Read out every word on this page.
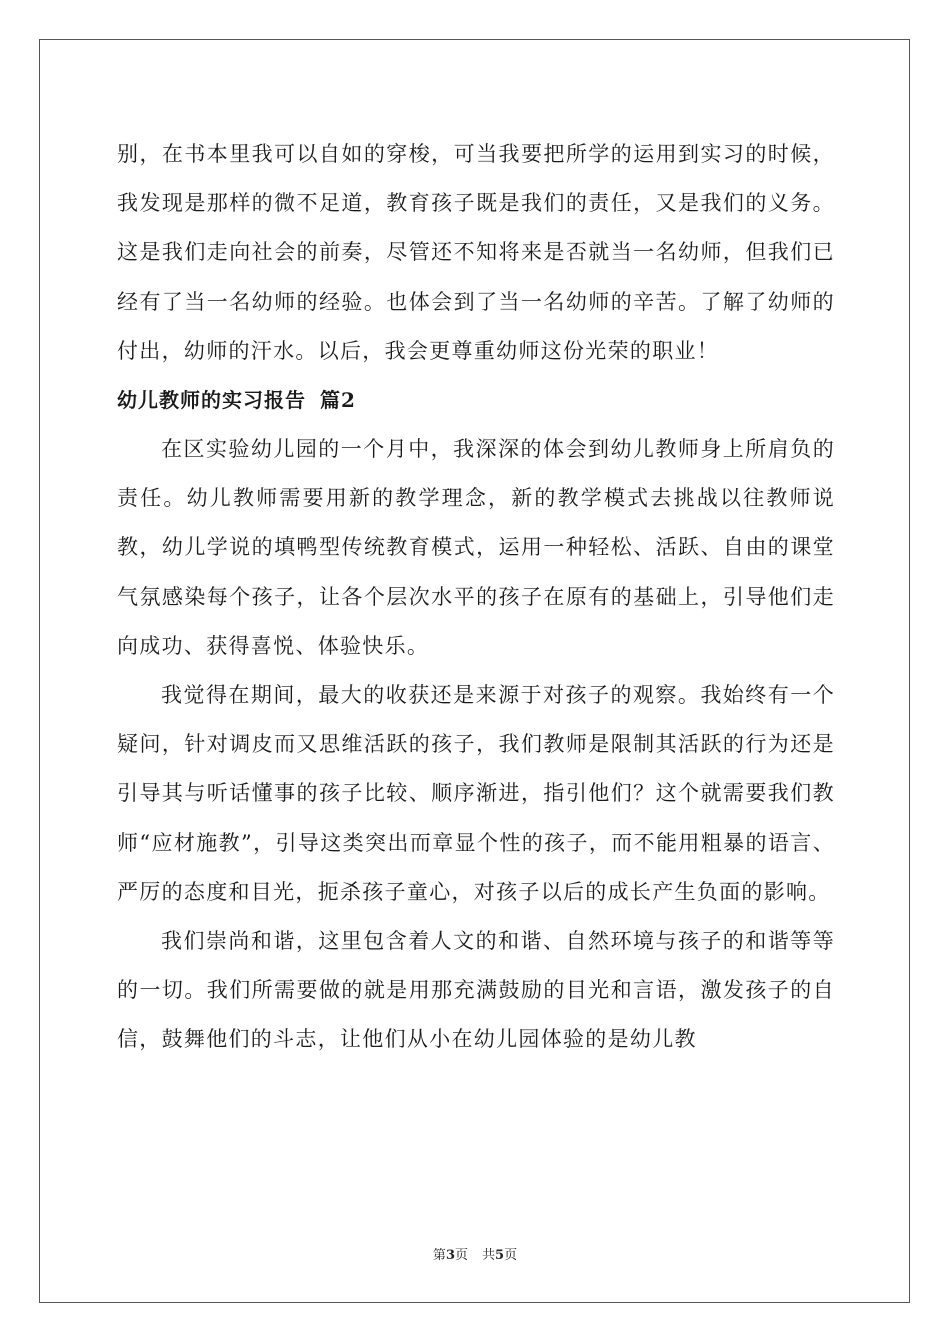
别，在书本里我可以自如的穿梭，可当我要把所学的运用到实习的时候，我发现是那样的微不足道，教育孩子既是我们的责任，又是我们的义务。这是我们走向社会的前奏，尽管还不知将来是否就当一名幼师，但我们已经有了当一名幼师的经验。也体会到了当一名幼师的辛苦。了解了幼师的付出，幼师的汗水。以后，我会更尊重幼师这份光荣的职业！

幼儿教师的实习报告 篇2

在区实验幼儿园的一个月中，我深深的体会到幼儿教师身上所肩负的责任。幼儿教师需要用新的教学理念，新的教学模式去挑战以往教师说教，幼儿学说的填鸭型传统教育模式，运用一种轻松、活跃、自由的课堂气氛感染每个孩子，让各个层次水平的孩子在原有的基础上，引导他们走向成功、获得喜悦、体验快乐。

我觉得在期间，最大的收获还是来源于对孩子的观察。我始终有一个疑问，针对调皮而又思维活跃的孩子，我们教师是限制其活跃的行为还是引导其与听话懂事的孩子比较、顺序渐进，指引他们？这个就需要我们教师“应材施教”，引导这类突出而章显个性的孩子，而不能用粗暴的语言、严厉的态度和目光，扼杀孩子童心，对孩子以后的成长产生负面的影响。

我们崇尚和谐，这里包含着人文的和谐、自然环境与孩子的和谐等等的一切。我们所需要做的就是用那充满鼓励的目光和言语，激发孩子的自信，鼓舞他们的斗志，让他们从小在幼儿园体验的是幼儿教

第3页 共5页
